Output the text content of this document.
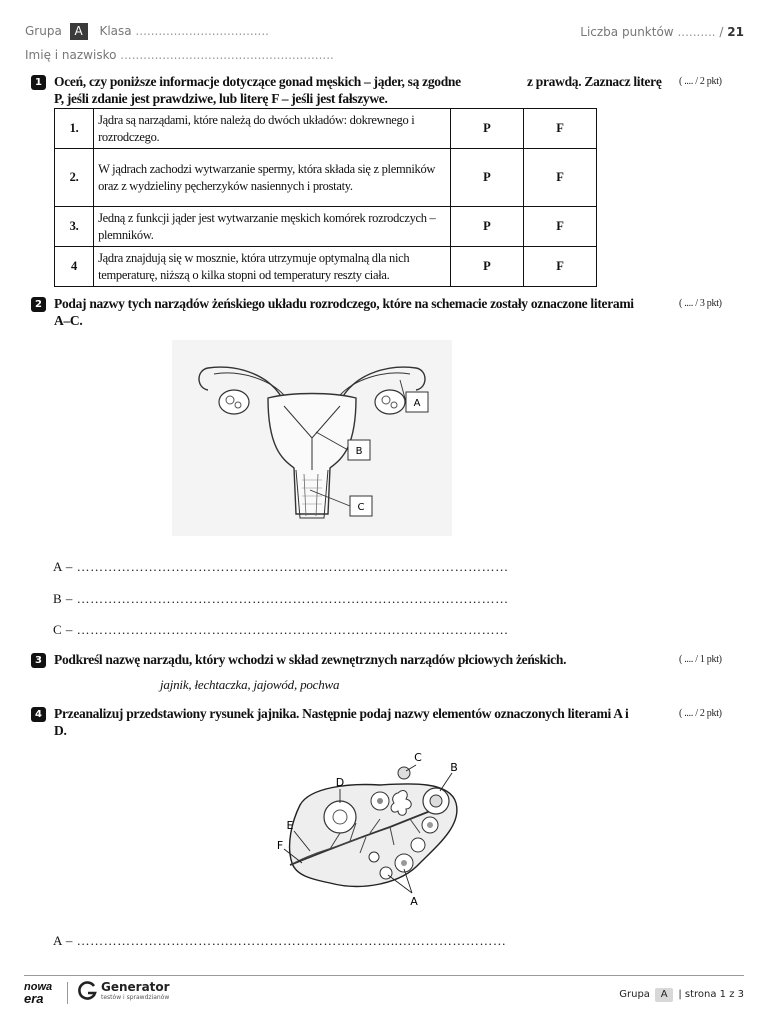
Grupa A Klasa ...................................	Liczba punktów .......... / 21
Imię i nazwisko ........................................................
1 Oceń, czy poniższe informacje dotyczące gonad męskich – jąder, są zgodne	z prawdą. Zaznacz literę
P, jeśli zdanie jest prawdziwe, lub literę F – jeśli jest fałszywe.
( .... / 2 pkt)
1.	Jądra są narządami, które należą do dwóch układów: dokrewnego i rozrodczego.	P	F
2.	W jądrach zachodzi wytwarzanie spermy, która składa się z plemników oraz z wydzieliny pęcherzyków nasiennych i prostaty.	P	F
3.	Jedną z funkcji jąder jest wytwarzanie męskich komórek rozrodczych – plemników.	P	F
4	Jądra znajdują się w mosznie, która utrzymuje optymalną dla nich temperaturę, niższą o kilka stopni od temperatury reszty ciała.	P	F
2 Podaj nazwy tych narządów żeńskiego układu rozrodczego, które na schemacie zostały oznaczone literami
A–C.
( .... / 3 pkt)
A
B
C
A – ……………………………………………………………………………………
B – ……………………………………………………………………………………
C – ……………………………………………………………………………………
3 Podkreśl nazwę narządu, który wchodzi w skład zewnętrznych narządów płciowych żeńskich.	( .... / 1 pkt)
jajnik, łechtaczka, jajowód, pochwa
4 Przeanalizuj przedstawiony rysunek jajnika. Następnie podaj nazwy elementów oznaczonych literami A i
D.
( .... / 2 pkt)
D
C
B
E
F
A
A – …………………………….………………………………..……………………
nowa
era
Generator
testów i sprawdzianów	Grupa A | strona 1 z 3
